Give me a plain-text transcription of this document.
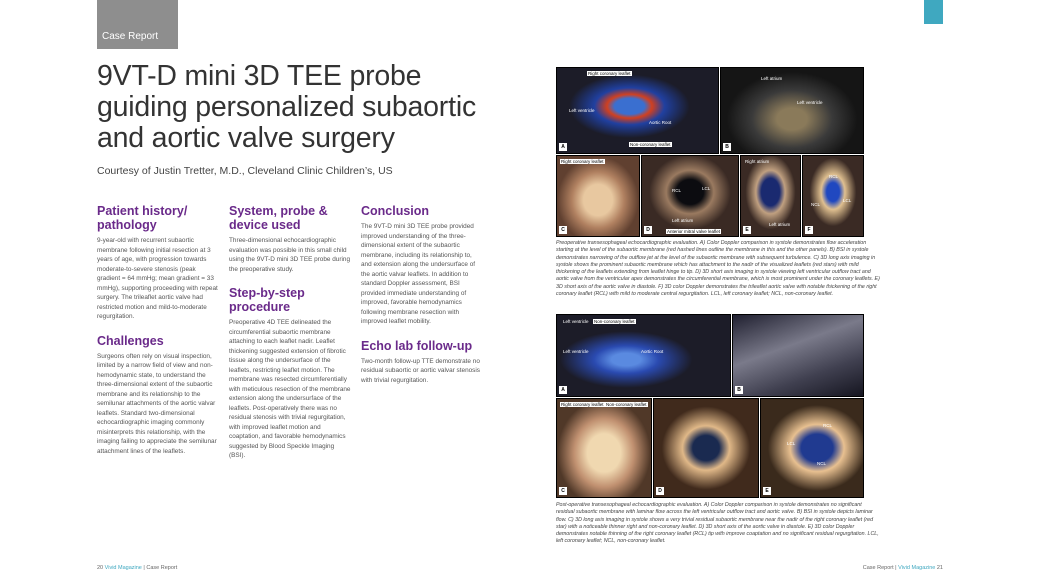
Case Report
9VT-D mini 3D TEE probe guiding personalized subaortic and aortic valve surgery
Courtesy of Justin Tretter, M.D., Cleveland Clinic Children’s, US
Patient history/ pathology

9-year-old with recurrent subaortic membrane following initial resection at 3 years of age, with progression towards moderate-to-severe stenosis (peak gradient = 64 mmHg; mean gradient = 33 mmHg), supporting proceeding with repeat surgery. The trileaflet aortic valve had restricted motion and mild-to-moderate regurgitation.

Challenges

Surgeons often rely on visual inspection, limited by a narrow field of view and non-hemodynamic state, to understand the three-dimensional extent of the subaortic membrane and its relationship to the semilunar attachments of the aortic valvar leaflets. Standard two-dimensional echocardiographic imaging commonly misinterprets this relationship, with the imaging failing to appreciate the semilunar attachment lines of the leaflets.

System, probe & device used

Three-dimensional echocardiographic evaluation was possible in this small child using the 9VT-D mini 3D TEE probe during the preoperative study.

Step-by-step procedure

Preoperative 4D TEE delineated the circumferential subaortic membrane attaching to each leaflet nadir. Leaflet thickening suggested extension of fibrotic tissue along the undersurface of the leaflets, restricting leaflet motion. The membrane was resected circumferentially with meticulous resection of the membrane extension along the undersurface of the leaflets. Post-operatively there was no residual stenosis with trivial regurgitation, with improved leaflet motion and coaptation, and favorable hemodynamics suggested by Blood Speckle Imaging (BSI).

Conclusion

The 9VT-D mini 3D TEE probe provided improved understanding of the three-dimensional extent of the subaortic membrane, including its relationship to, and extension along the undersurface of the aortic valvar leaflets. In addition to standard Doppler assessment, BSI provided immediate understanding of improved, favorable hemodynamics following membrane resection with improved leaflet mobility.

Echo lab follow-up

Two-month follow-up TTE demonstrate no residual subaortic or aortic valvar stenosis with trivial regurgitation.

Right coronary leaflet
Left ventricle
Aortic Root
Non-coronary leaflet
A
Left atrium
Left ventricle
B
Right coronary leaflet
C
RCL	LCL
Left atrium
Anterior mitral valve leaflet
D
Right atrium
Left atrium
E
RCL
NCL
LCL
F
Preoperative transesophageal echocardiographic evaluation. A) Color Doppler comparison in systole demonstrates flow acceleration starting at the level of the subaortic membrane (red hashed lines outline the membrane in this and the other panels). B) BSI in systole demonstrates narrowing of the outflow jet at the level of the subaortic membrane with subsequent turbulence. C) 3D long axis imaging in systole shows the prominent subaortic membrane which has attachment to the nadir of the visualized leaflets (red stars) with mild thickening of the leaflets extending from leaflet hinge to tip. D) 3D short axis imaging in systole viewing left ventricular outflow tract and aortic valve from the ventricular apex demonstrates the circumferential membrane, which is most prominent under the coronary leaflets. E) 3D short axis of the aortic valve in diastole. F) 3D color Doppler demonstrates the trileaflet aortic valve with notable thickening of the right coronary leaflet (RCL) with mild to moderate central regurgitation. LCL, left coronary leaflet; NCL, non-coronary leaflet.
Left ventricle Non-coronary leaflet
Left ventricle	Aortic Root
A	B
Right coronary leaflet Non-coronary leaflet
C	D
RCL
LCL
NCL
E
Post-operative transesophageal echocardiographic evaluation. A) Color Doppler comparison in systole demonstrates no significant residual subaortic membrane with laminar flow across the left ventricular outflow tract and aortic valve. B) BSI in systole depicts laminar flow. C) 3D long axis imaging in systole shows a very trivial residual subaortic membrane near the nadir of the right coronary leaflet (red star) with a noticeable thinner right and non-coronary leaflet. D) 3D short axis of the aortic valve in diastole. E) 3D color Doppler demonstrates notable thinning of the right coronary leaflet (RCL) tip with improve coaptation and no significant residual regurgitation. LCL, left coronary leaflet; NCL, non-coronary leaflet.
20 Vivid Magazine | Case Report	Case Report | Vivid Magazine 21
